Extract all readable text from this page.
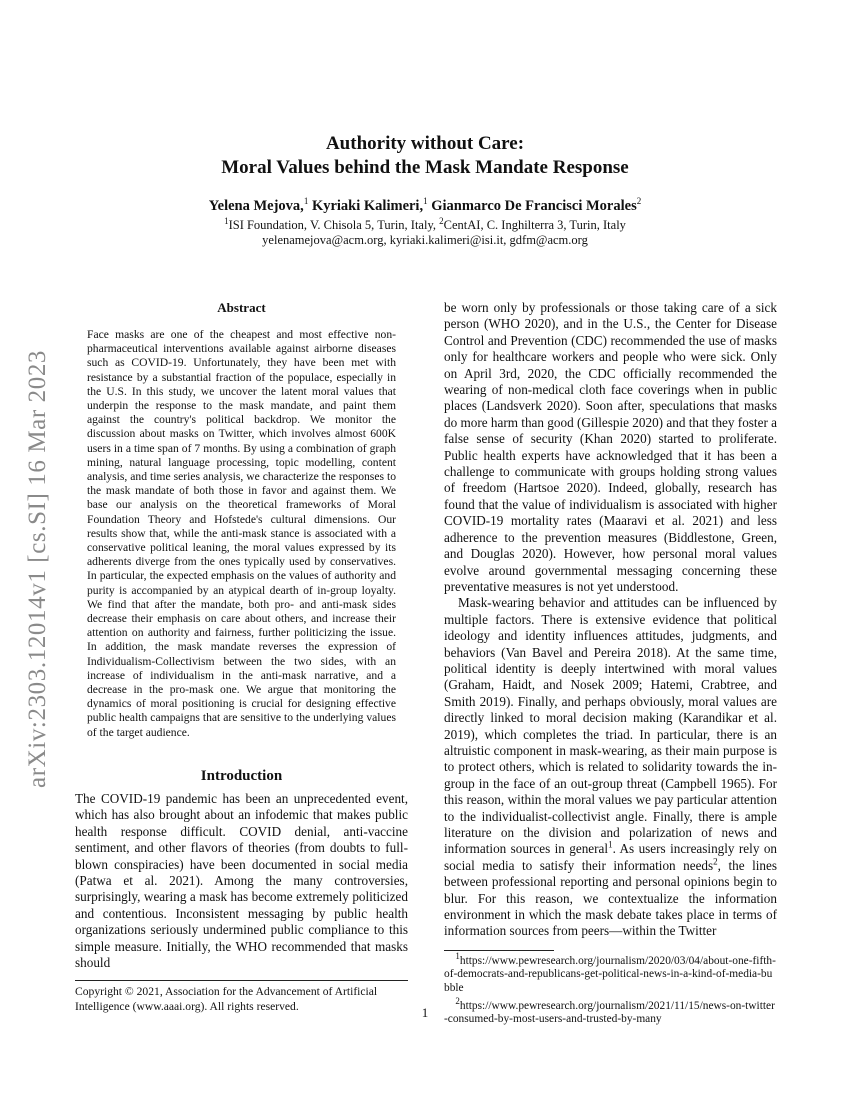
arXiv:2303.12014v1 [cs.SI] 16 Mar 2023

Authority without Care:
Moral Values behind the Mask Mandate Response

Yelena Mejova,$^1$ Kyriaki Kalimeri,$^1$ Gianmarco De Francisci Morales$^2$
$^1$ISI Foundation, V. Chisola 5, Turin, Italy, $^2$CentAI, C. Inghilterra 3, Turin, Italy
yelenamejova@acm.org, kyriaki.kalimeri@isi.it, gdfm@acm.org

Abstract

Face masks are one of the cheapest and most effective non-pharmaceutical interventions available against airborne diseases such as COVID-19. Unfortunately, they have been met with resistance by a substantial fraction of the populace, especially in the U.S. In this study, we uncover the latent moral values that underpin the response to the mask mandate, and paint them against the country's political backdrop. We monitor the discussion about masks on Twitter, which involves almost 600K users in a time span of 7 months. By using a combination of graph mining, natural language processing, topic modelling, content analysis, and time series analysis, we characterize the responses to the mask mandate of both those in favor and against them. We base our analysis on the theoretical frameworks of Moral Foundation Theory and Hofstede's cultural dimensions. Our results show that, while the anti-mask stance is associated with a conservative political leaning, the moral values expressed by its adherents diverge from the ones typically used by conservatives. In particular, the expected emphasis on the values of authority and purity is accompanied by an atypical dearth of in-group loyalty. We find that after the mandate, both pro- and anti-mask sides decrease their emphasis on care about others, and increase their attention on authority and fairness, further politicizing the issue. In addition, the mask mandate reverses the expression of Individualism-Collectivism between the two sides, with an increase of individualism in the anti-mask narrative, and a decrease in the pro-mask one. We argue that monitoring the dynamics of moral positioning is crucial for designing effective public health campaigns that are sensitive to the underlying values of the target audience.

Introduction

The COVID-19 pandemic has been an unprecedented event, which has also brought about an infodemic that makes public health response difficult. COVID denial, anti-vaccine sentiment, and other flavors of theories (from doubts to full-blown conspiracies) have been documented in social media (Patwa et al. 2021). Among the many controversies, surprisingly, wearing a mask has become extremely politicized and contentious. Inconsistent messaging by public health organizations seriously undermined public compliance to this simple measure. Initially, the WHO recommended that masks should

Copyright © 2021, Association for the Advancement of Artificial Intelligence (www.aaai.org). All rights reserved.

be worn only by professionals or those taking care of a sick person (WHO 2020), and in the U.S., the Center for Disease Control and Prevention (CDC) recommended the use of masks only for healthcare workers and people who were sick. Only on April 3rd, 2020, the CDC officially recommended the wearing of non-medical cloth face coverings when in public places (Landsverk 2020). Soon after, speculations that masks do more harm than good (Gillespie 2020) and that they foster a false sense of security (Khan 2020) started to proliferate. Public health experts have acknowledged that it has been a challenge to communicate with groups holding strong values of freedom (Hartsoe 2020). Indeed, globally, research has found that the value of individualism is associated with higher COVID-19 mortality rates (Maaravi et al. 2021) and less adherence to the prevention measures (Biddlestone, Green, and Douglas 2020). However, how personal moral values evolve around governmental messaging concerning these preventative measures is not yet understood.

Mask-wearing behavior and attitudes can be influenced by multiple factors. There is extensive evidence that political ideology and identity influences attitudes, judgments, and behaviors (Van Bavel and Pereira 2018). At the same time, political identity is deeply intertwined with moral values (Graham, Haidt, and Nosek 2009; Hatemi, Crabtree, and Smith 2019). Finally, and perhaps obviously, moral values are directly linked to moral decision making (Karandikar et al. 2019), which completes the triad. In particular, there is an altruistic component in mask-wearing, as their main purpose is to protect others, which is related to solidarity towards the in-group in the face of an out-group threat (Campbell 1965). For this reason, within the moral values we pay particular attention to the individualist-collectivist angle. Finally, there is ample literature on the division and polarization of news and information sources in general$^1$. As users increasingly rely on social media to satisfy their information needs$^2$, the lines between professional reporting and personal opinions begin to blur. For this reason, we contextualize the information environment in which the mask debate takes place in terms of information sources from peers—within the Twitter

$^1$https://www.pewresearch.org/journalism/2020/03/04/about-one-fifth-of-democrats-and-republicans-get-political-news-in-a-kind-of-media-bubble
$^2$https://www.pewresearch.org/journalism/2021/11/15/news-on-twitter-consumed-by-most-users-and-trusted-by-many
1
